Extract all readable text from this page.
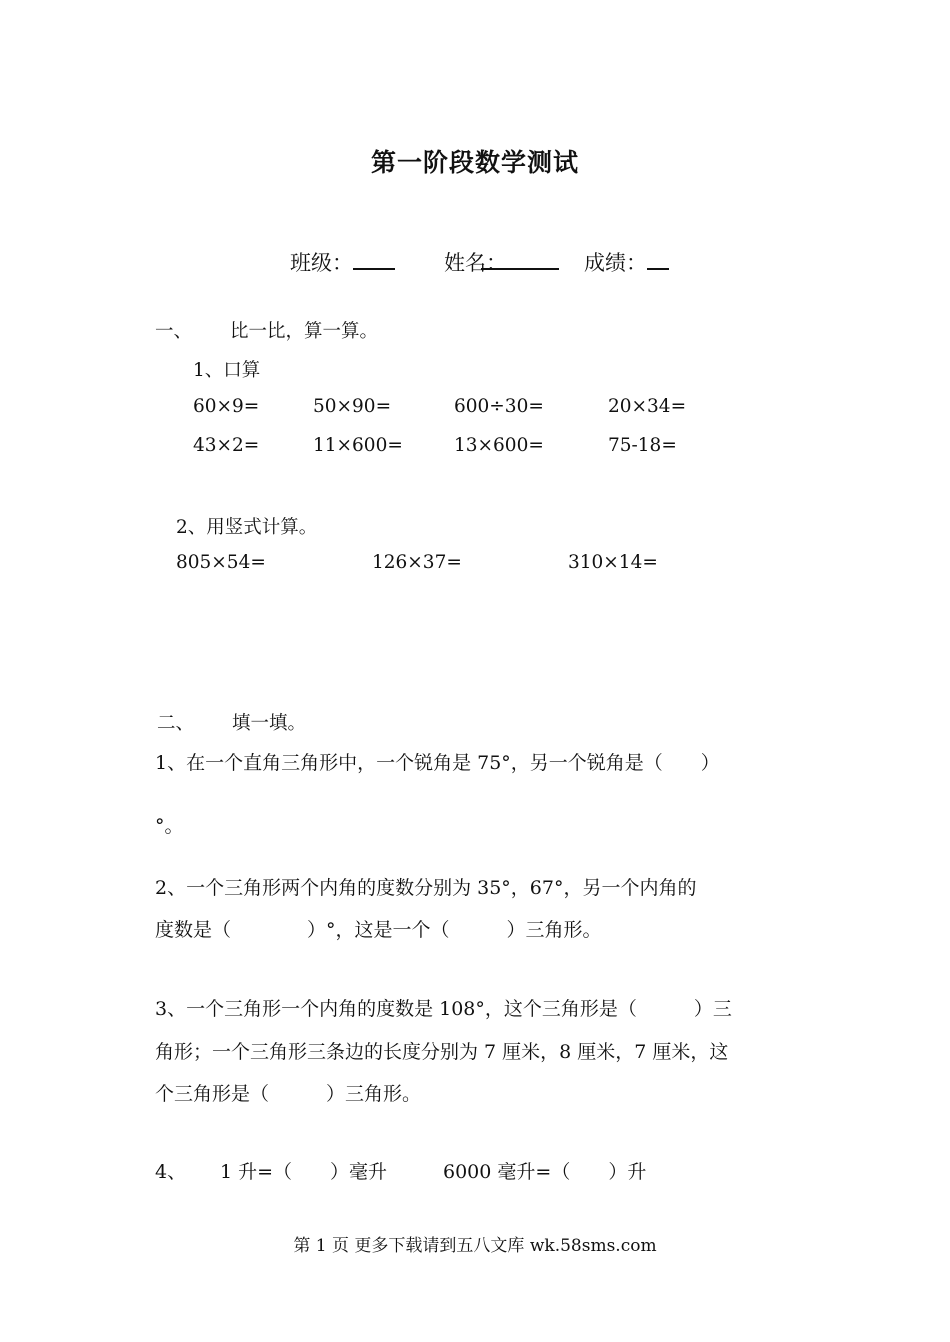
第一阶段数学测试
班级：	姓名：	成绩：
一、 比一比，算一算。
1、口算
60×9=	50×90=	600÷30=	20×34=
43×2=	11×600=	13×600=	75-18=
2、用竖式计算。
805×54=	126×37=	310×14=
二、 填一填。
1、在一个直角三角形中，一个锐角是 75°，另一个锐角是（　　）
°。
2、一个三角形两个内角的度数分别为 35°，67°，另一个内角的
度数是（　　　　）°，这是一个（　　　）三角形。
3、一个三角形一个内角的度数是 108°，这个三角形是（　　　）三
角形；一个三角形三条边的长度分别为 7 厘米，8 厘米，7 厘米，这
个三角形是（　　　）三角形。
4、 1 升=（　　）毫升	6000 毫升=（　　）升
第 1 页 更多下载请到五八文库 wk.58sms.com
